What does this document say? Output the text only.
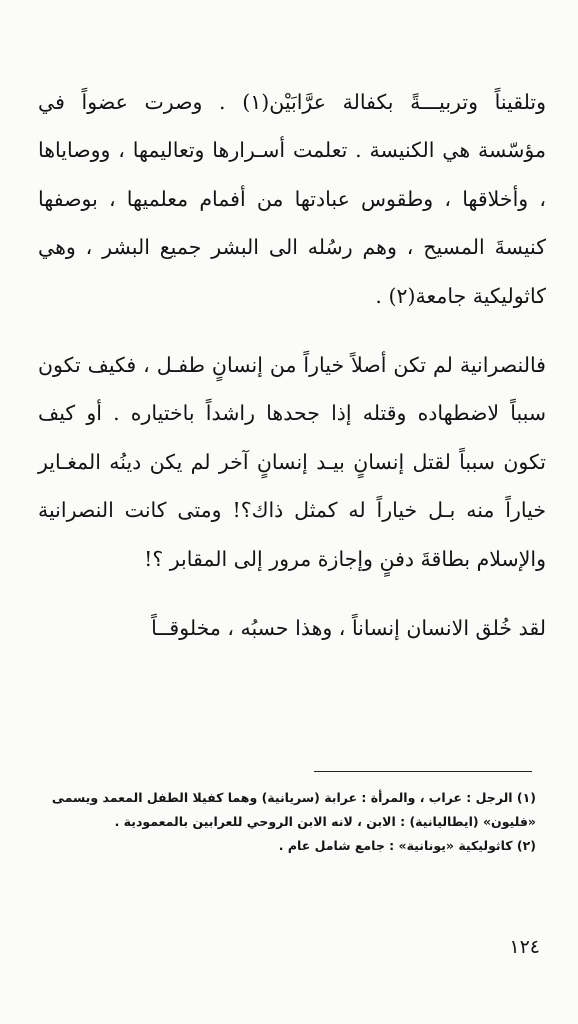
وتلقيناً وتربيـــةً بكفالة عرَّابَيْن(١) . وصرت عضواً في مؤسّسة هي الكنيسة . تعلمت أسـرارها وتعاليمها ، ووصاياها ، وأخلاقها ، وطقوس عبادتها من أفمام معلميها ، بوصفها كنيسةَ المسيح ، وهم رسُله الى البشر جميع البشر ، وهي كاثوليكية جامعة(٢) .

فالنصرانية لم تكن أصلاً خياراً من إنسانٍ طفـل ، فكيف تكون سبباً لاضطهاده وقتله إذا جحدها راشداً باختياره . أو كيف تكون سبباً لقتل إنسانٍ بيـد إنسانٍ آخر لم يكن دينُه المغـاير خياراً منه بـل خياراً له كمثل ذاك؟! ومتى كانت النصرانية والإسلام بطاقةَ دفنٍ وإجازة مرور إلى المقابر ؟!

لقد خُلق الانسان إنساناً ، وهذا حسبُه ، مخلوقــاً

(١) الرجل : عراب ، والمرأة : عرابة (سريانية) وهما كفيلا الطفل المعمد ويسمى «فليون» (ايطاليانية) : الابن ، لانه الابن الروحي للعرابين بالمعمودية .

(٢) كاثوليكية «يونانية» : جامع شامل عام .

١٢٤
